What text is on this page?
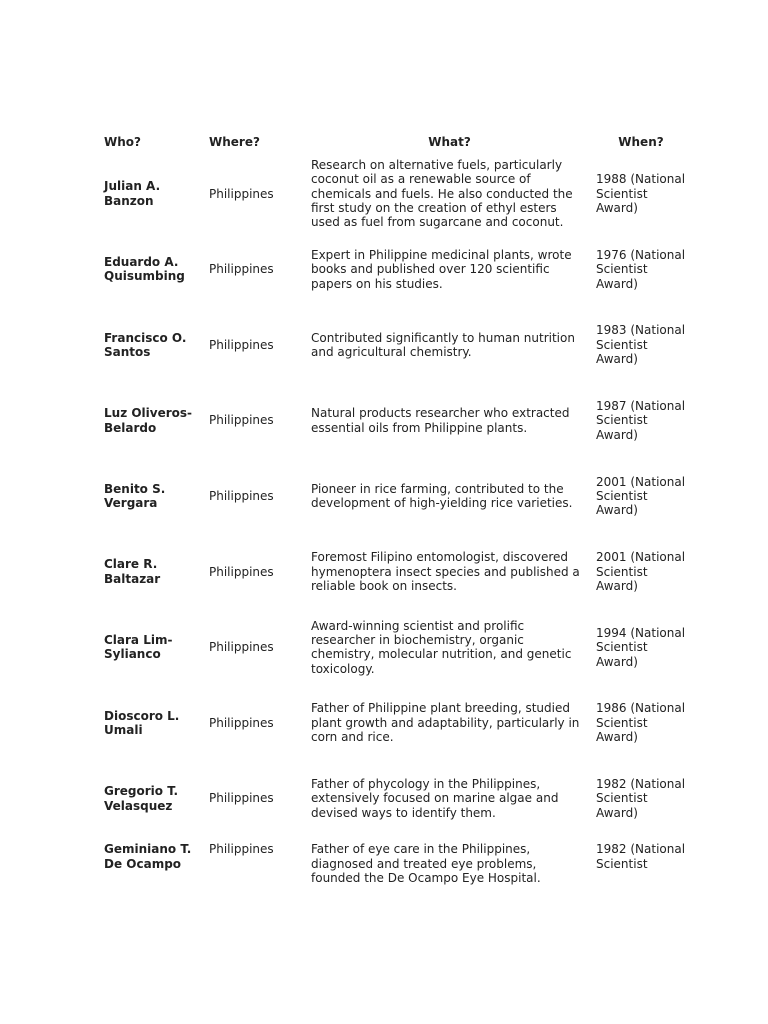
Who?	Where?	What?	When?
Julian A. Banzon	Philippines	Research on alternative fuels, particularly coconut oil as a renewable source of chemicals and fuels. He also conducted the first study on the creation of ethyl esters used as fuel from sugarcane and coconut.	1988 (National Scientist Award)
Eduardo A. Quisumbing	Philippines	Expert in Philippine medicinal plants, wrote books and published over 120 scientific papers on his studies.	1976 (National Scientist Award)
Francisco O. Santos	Philippines	Contributed significantly to human nutrition and agricultural chemistry.	1983 (National Scientist Award)
Luz Oliveros-Belardo	Philippines	Natural products researcher who extracted essential oils from Philippine plants.	1987 (National Scientist Award)
Benito S. Vergara	Philippines	Pioneer in rice farming, contributed to the development of high-yielding rice varieties.	2001 (National Scientist Award)
Clare R. Baltazar	Philippines	Foremost Filipino entomologist, discovered hymenoptera insect species and published a reliable book on insects.	2001 (National Scientist Award)
Clara Lim-Sylianco	Philippines	Award-winning scientist and prolific researcher in biochemistry, organic chemistry, molecular nutrition, and genetic toxicology.	1994 (National Scientist Award)
Dioscoro L. Umali	Philippines	Father of Philippine plant breeding, studied plant growth and adaptability, particularly in corn and rice.	1986 (National Scientist Award)
Gregorio T. Velasquez	Philippines	Father of phycology in the Philippines, extensively focused on marine algae and devised ways to identify them.	1982 (National Scientist Award)
Geminiano T. De Ocampo	Philippines	Father of eye care in the Philippines, diagnosed and treated eye problems, founded the De Ocampo Eye Hospital.	1982 (National Scientist
